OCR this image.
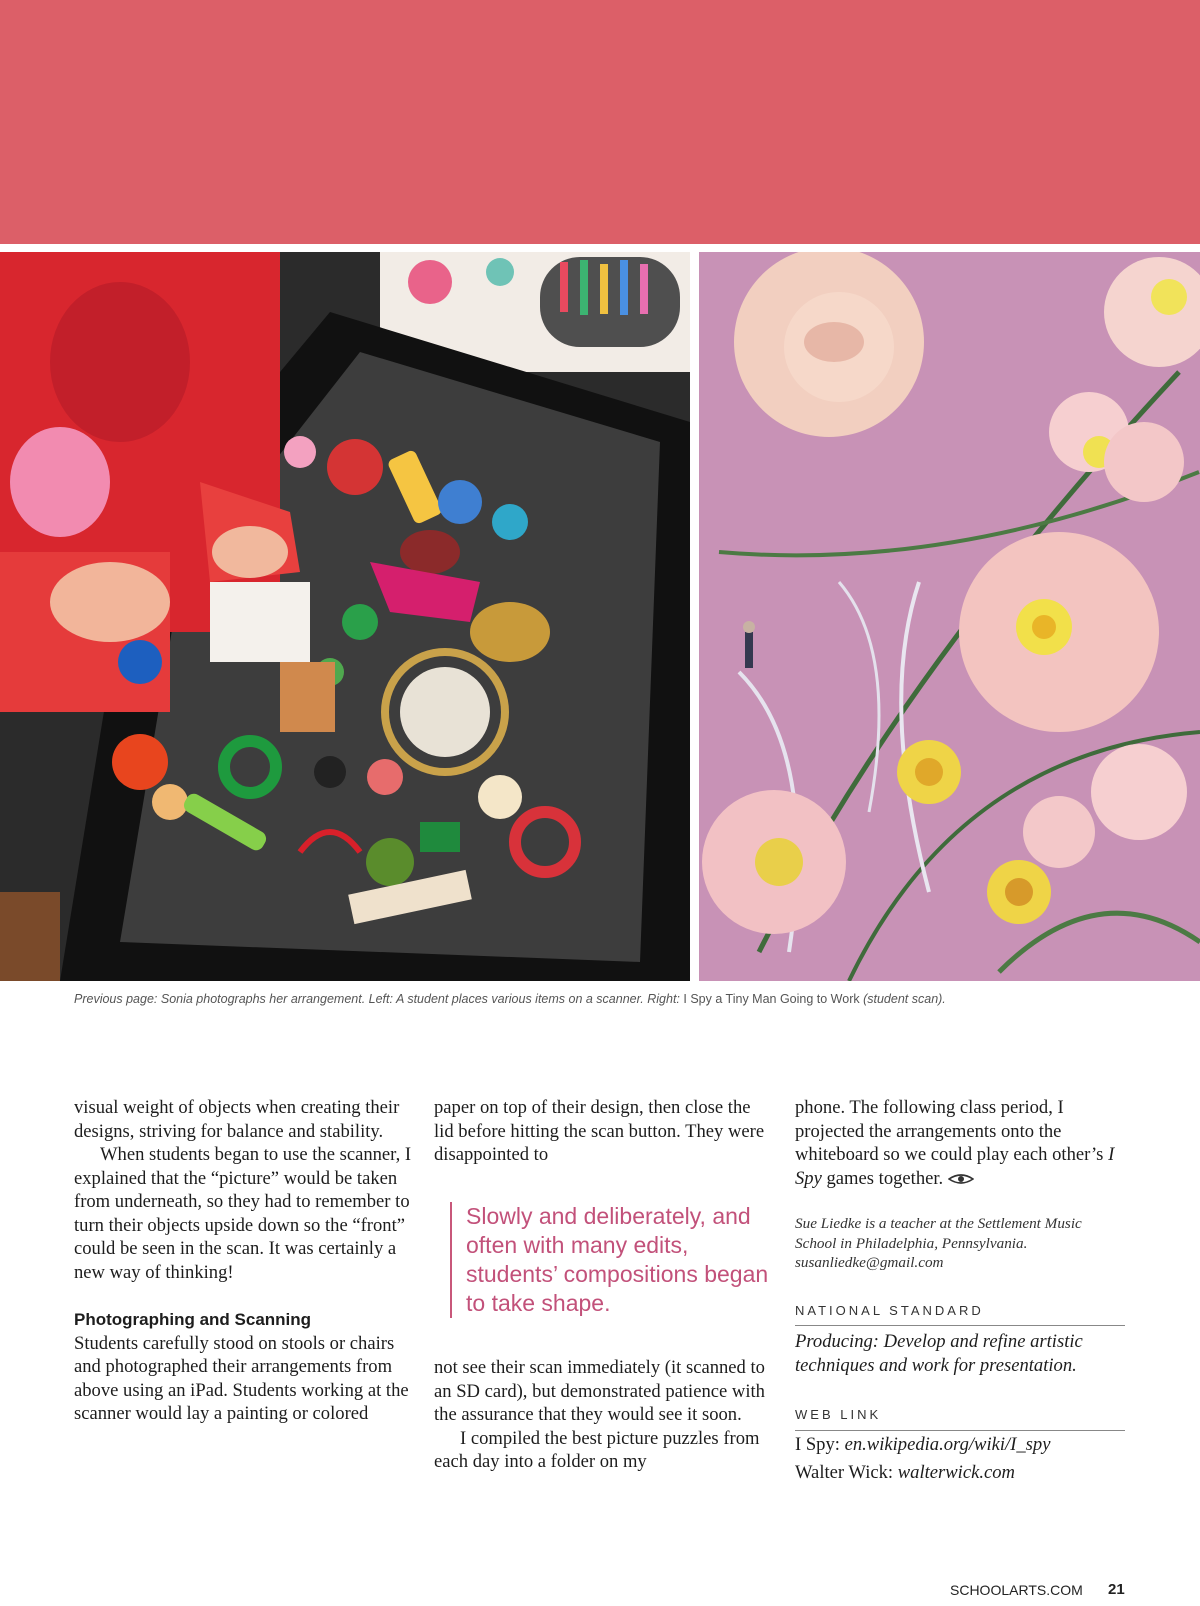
Previous page: Sonia photographs her arrangement. Left: A student places various items on a scanner. Right: I Spy a Tiny Man Going to Work (student scan).

visual weight of objects when creating their designs, striving for balance and stability.

When students began to use the scanner, I explained that the “picture” would be taken from underneath, so they had to remember to turn their objects upside down so the “front” could be seen in the scan. It was certainly a new way of thinking!

Photographing and Scanning

Students carefully stood on stools or chairs and photographed their arrangements from above using an iPad. Students working at the scanner would lay a painting or colored

paper on top of their design, then close the lid before hitting the scan button. They were disappointed to

Slowly and deliberately, and often with many edits, students’ compositions began to take shape.

not see their scan immediately (it scanned to an SD card), but demonstrated patience with the assurance that they would see it soon.

I compiled the best picture puzzles from each day into a folder on my

phone. The following class period, I projected the arrangements onto the whiteboard so we could play each other’s I Spy games together.

Sue Liedke is a teacher at the Settlement Music School in Philadelphia, Pennsylvania. susanliedke@gmail.com

NATIONAL STANDARD

Producing: Develop and refine artistic techniques and work for presentation.

WEB LINK

I Spy: en.wikipedia.org/wiki/I_spy

Walter Wick: walterwick.com

SCHOOLARTS.COM 21
